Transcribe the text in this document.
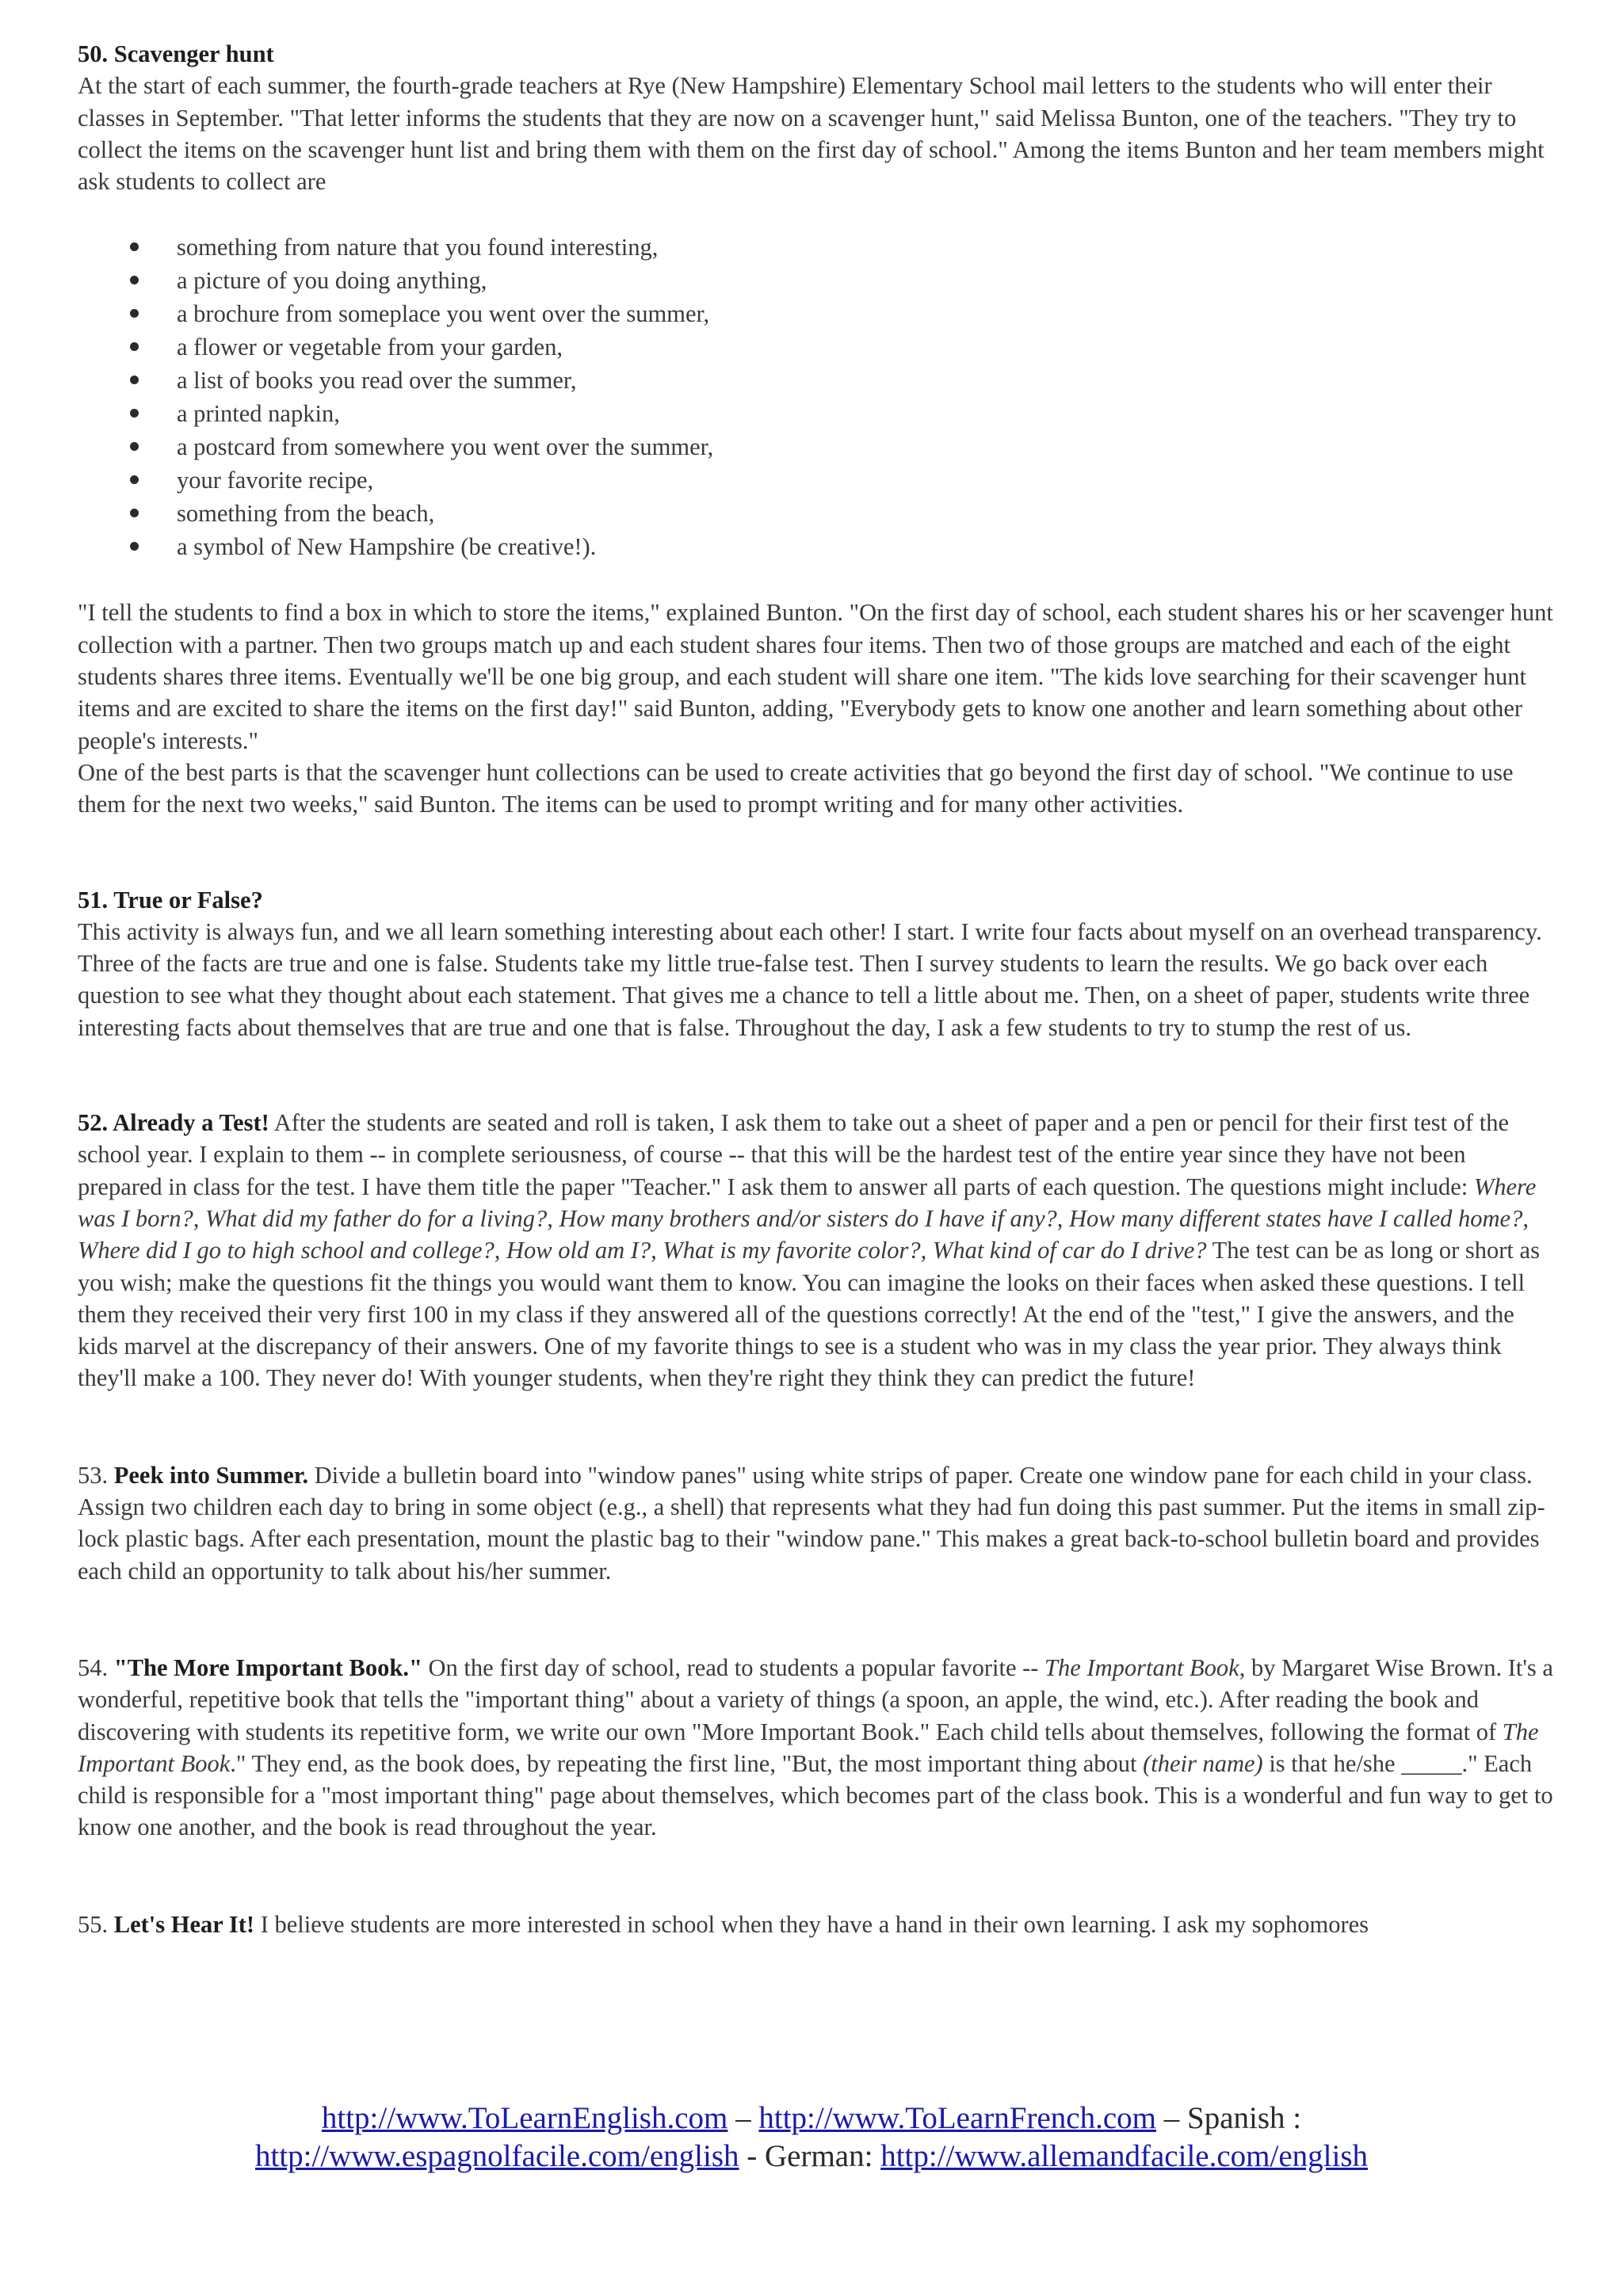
50. Scavenger hunt

At the start of each summer, the fourth-grade teachers at Rye (New Hampshire) Elementary School mail letters to the students who will enter their classes in September. "That letter informs the students that they are now on a scavenger hunt," said Melissa Bunton, one of the teachers. "They try to collect the items on the scavenger hunt list and bring them with them on the first day of school." Among the items Bunton and her team members might ask students to collect are

something from nature that you found interesting,
a picture of you doing anything,
a brochure from someplace you went over the summer,
a flower or vegetable from your garden,
a list of books you read over the summer,
a printed napkin,
a postcard from somewhere you went over the summer,
your favorite recipe,
something from the beach,
a symbol of New Hampshire (be creative!).

"I tell the students to find a box in which to store the items," explained Bunton. "On the first day of school, each student shares his or her scavenger hunt collection with a partner. Then two groups match up and each student shares four items. Then two of those groups are matched and each of the eight students shares three items. Eventually we'll be one big group, and each student will share one item. "The kids love searching for their scavenger hunt items and are excited to share the items on the first day!" said Bunton, adding, "Everybody gets to know one another and learn something about other people's interests."

One of the best parts is that the scavenger hunt collections can be used to create activities that go beyond the first day of school. "We continue to use them for the next two weeks," said Bunton. The items can be used to prompt writing and for many other activities.

51. True or False?

This activity is always fun, and we all learn something interesting about each other! I start. I write four facts about myself on an overhead transparency. Three of the facts are true and one is false. Students take my little true-false test. Then I survey students to learn the results. We go back over each question to see what they thought about each statement. That gives me a chance to tell a little about me. Then, on a sheet of paper, students write three interesting facts about themselves that are true and one that is false. Throughout the day, I ask a few students to try to stump the rest of us.

52. Already a Test! After the students are seated and roll is taken, I ask them to take out a sheet of paper and a pen or pencil for their first test of the school year. I explain to them -- in complete seriousness, of course -- that this will be the hardest test of the entire year since they have not been prepared in class for the test. I have them title the paper "Teacher." I ask them to answer all parts of each question. The questions might include: Where was I born?, What did my father do for a living?, How many brothers and/or sisters do I have if any?, How many different states have I called home?, Where did I go to high school and college?, How old am I?, What is my favorite color?, What kind of car do I drive? The test can be as long or short as you wish; make the questions fit the things you would want them to know. You can imagine the looks on their faces when asked these questions. I tell them they received their very first 100 in my class if they answered all of the questions correctly! At the end of the "test," I give the answers, and the kids marvel at the discrepancy of their answers. One of my favorite things to see is a student who was in my class the year prior. They always think they'll make a 100. They never do! With younger students, when they're right they think they can predict the future!

53. Peek into Summer. Divide a bulletin board into "window panes" using white strips of paper. Create one window pane for each child in your class. Assign two children each day to bring in some object (e.g., a shell) that represents what they had fun doing this past summer. Put the items in small zip-lock plastic bags. After each presentation, mount the plastic bag to their "window pane." This makes a great back-to-school bulletin board and provides each child an opportunity to talk about his/her summer.

54. "The More Important Book." On the first day of school, read to students a popular favorite -- The Important Book, by Margaret Wise Brown. It's a wonderful, repetitive book that tells the "important thing" about a variety of things (a spoon, an apple, the wind, etc.). After reading the book and discovering with students its repetitive form, we write our own "More Important Book." Each child tells about themselves, following the format of The Important Book." They end, as the book does, by repeating the first line, "But, the most important thing about (their name) is that he/she _____." Each child is responsible for a "most important thing" page about themselves, which becomes part of the class book. This is a wonderful and fun way to get to know one another, and the book is read throughout the year.

55. Let's Hear It! I believe students are more interested in school when they have a hand in their own learning. I ask my sophomores

http://www.ToLearnEnglish.com – http://www.ToLearnFrench.com – Spanish :
http://www.espagnolfacile.com/english - German: http://www.allemandfacile.com/english
